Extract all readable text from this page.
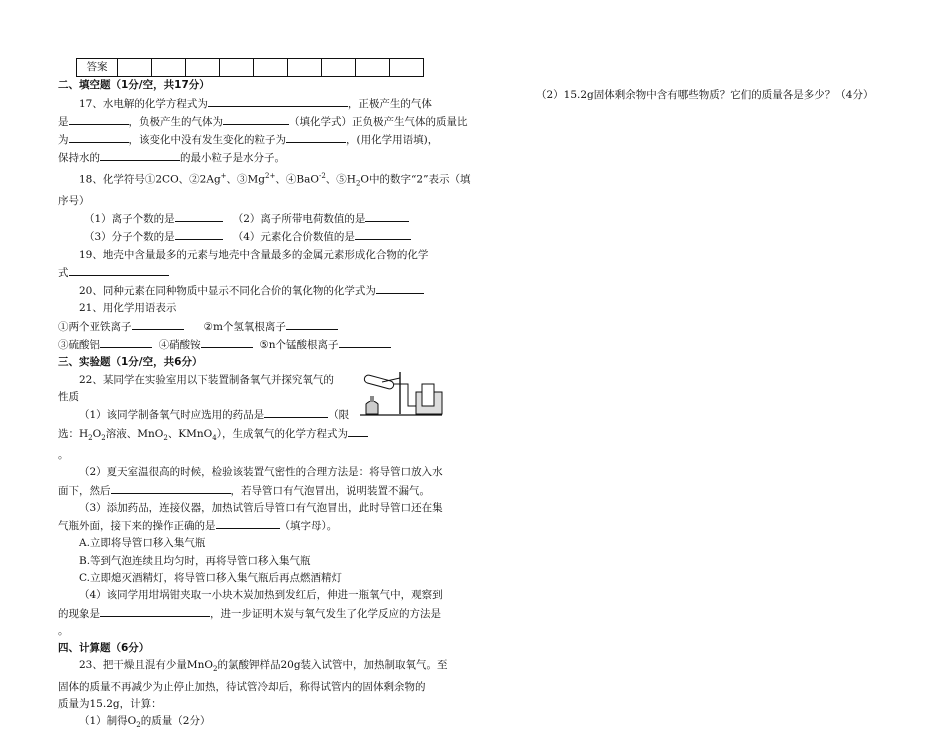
答案									
二、填空题（1分/空，共17分）
17、水电解的化学方程式为	，正极产生的气体
是	，负极产生的气体为	（填化学式）正负极产生气体的质量比
为	，该变化中没有发生变化的粒子为	，(用化学用语填)，
保持水的	的最小粒子是水分子。
18、化学符号①2CO、②2Ag+、$③Mg^{2+}$、④BaO$^{-2}$、$⑤H_2O$中的数字“2”表示（填
序号）
（1）离子个数的是	（2）离子所带电荷数值的是
（3）分子个数的是	（4）元素化合价数值的是
19、地壳中含量最多的元素与地壳中含量最多的金属元素形成化合物的化学
式
20、同种元素在同种物质中显示不同化合价的氧化物的化学式为
21、用化学用语表示
①两个亚铁离子	②m个氢氧根离子
③硫酸铝	④硝酸铵	⑤n个锰酸根离子
三、实验题（1分/空，共6分）
22、某同学在实验室用以下装置制备氧气并探究氧气的
性质
（1）该同学制备氧气时应选用的药品是	（限
选：$H_2O_2$溶液、MnO$_2$、KMnO$_4$），生成氧气的化学方程式为
。
（2）夏天室温很高的时候，检验该装置气密性的合理方法是：将导管口放入水
面下，然后	，若导管口有气泡冒出，说明装置不漏气。
（3）添加药品，连接仪器，加热试管后导管口有气泡冒出，此时导管口还在集
气瓶外面，接下来的操作正确的是	（填字母）。
A.立即将导管口移入集气瓶
B.等到气泡连续且均匀时，再将导管口移入集气瓶
C.立即熄灭酒精灯，将导管口移入集气瓶后再点燃酒精灯
（4）该同学用坩埚钳夹取一小块木炭加热到发红后，伸进一瓶氧气中，观察到
的现象是	，进一步证明木炭与氧气发生了化学反应的方法是
。
四、计算题（6分）
23、把干燥且混有少量MnO$_2$的氯酸钾样品20g装入试管中，加热制取氧气。至
固体的质量不再减少为止停止加热，待试管冷却后，称得试管内的固体剩余物的
质量为15.2g，计算：
（1）制得$O_2$的质量（2分）
（2）15.2g固体剩余物中含有哪些物质？它们的质量各是多少？（4分）
